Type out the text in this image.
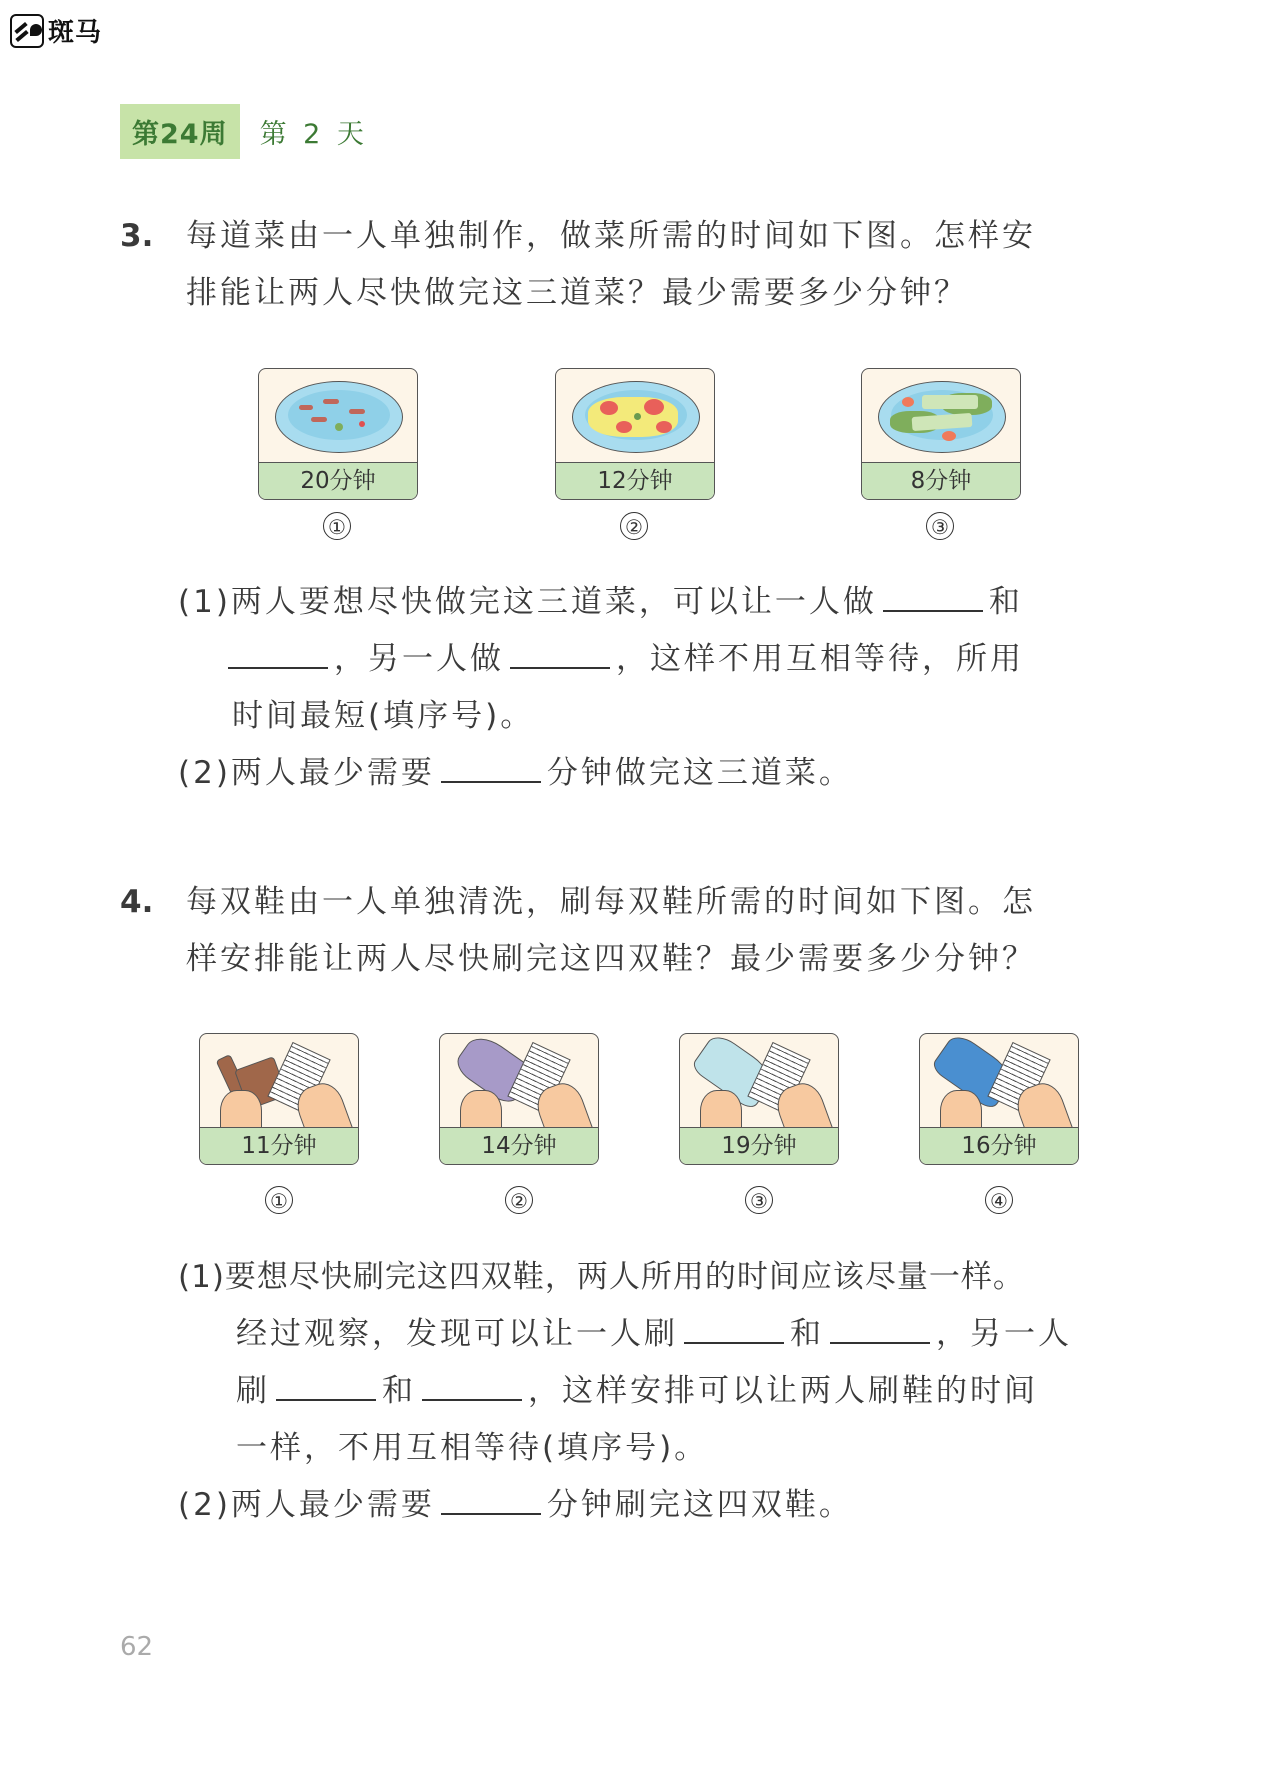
斑马
第24周	第 2 天
3. 每道菜由一人单独制作，做菜所需的时间如下图。怎样安
排能让两人尽快做完这三道菜？最少需要多少分钟？
20分钟
①
12分钟
②
8分钟
③
(1)两人要想尽快做完这三道菜，可以让一人做	和
，另一人做	，这样不用互相等待，所用
时间最短(填序号)。
(2)两人最少需要	分钟做完这三道菜。
4. 每双鞋由一人单独清洗，刷每双鞋所需的时间如下图。怎
样安排能让两人尽快刷完这四双鞋？最少需要多少分钟？
11分钟
①
14分钟
②
19分钟
③
16分钟
④
(1)要想尽快刷完这四双鞋，两人所用的时间应该尽量一样。
经过观察，发现可以让一人刷	和	，另一人
刷	和	，这样安排可以让两人刷鞋的时间
一样，不用互相等待(填序号)。
(2)两人最少需要	分钟刷完这四双鞋。
62
